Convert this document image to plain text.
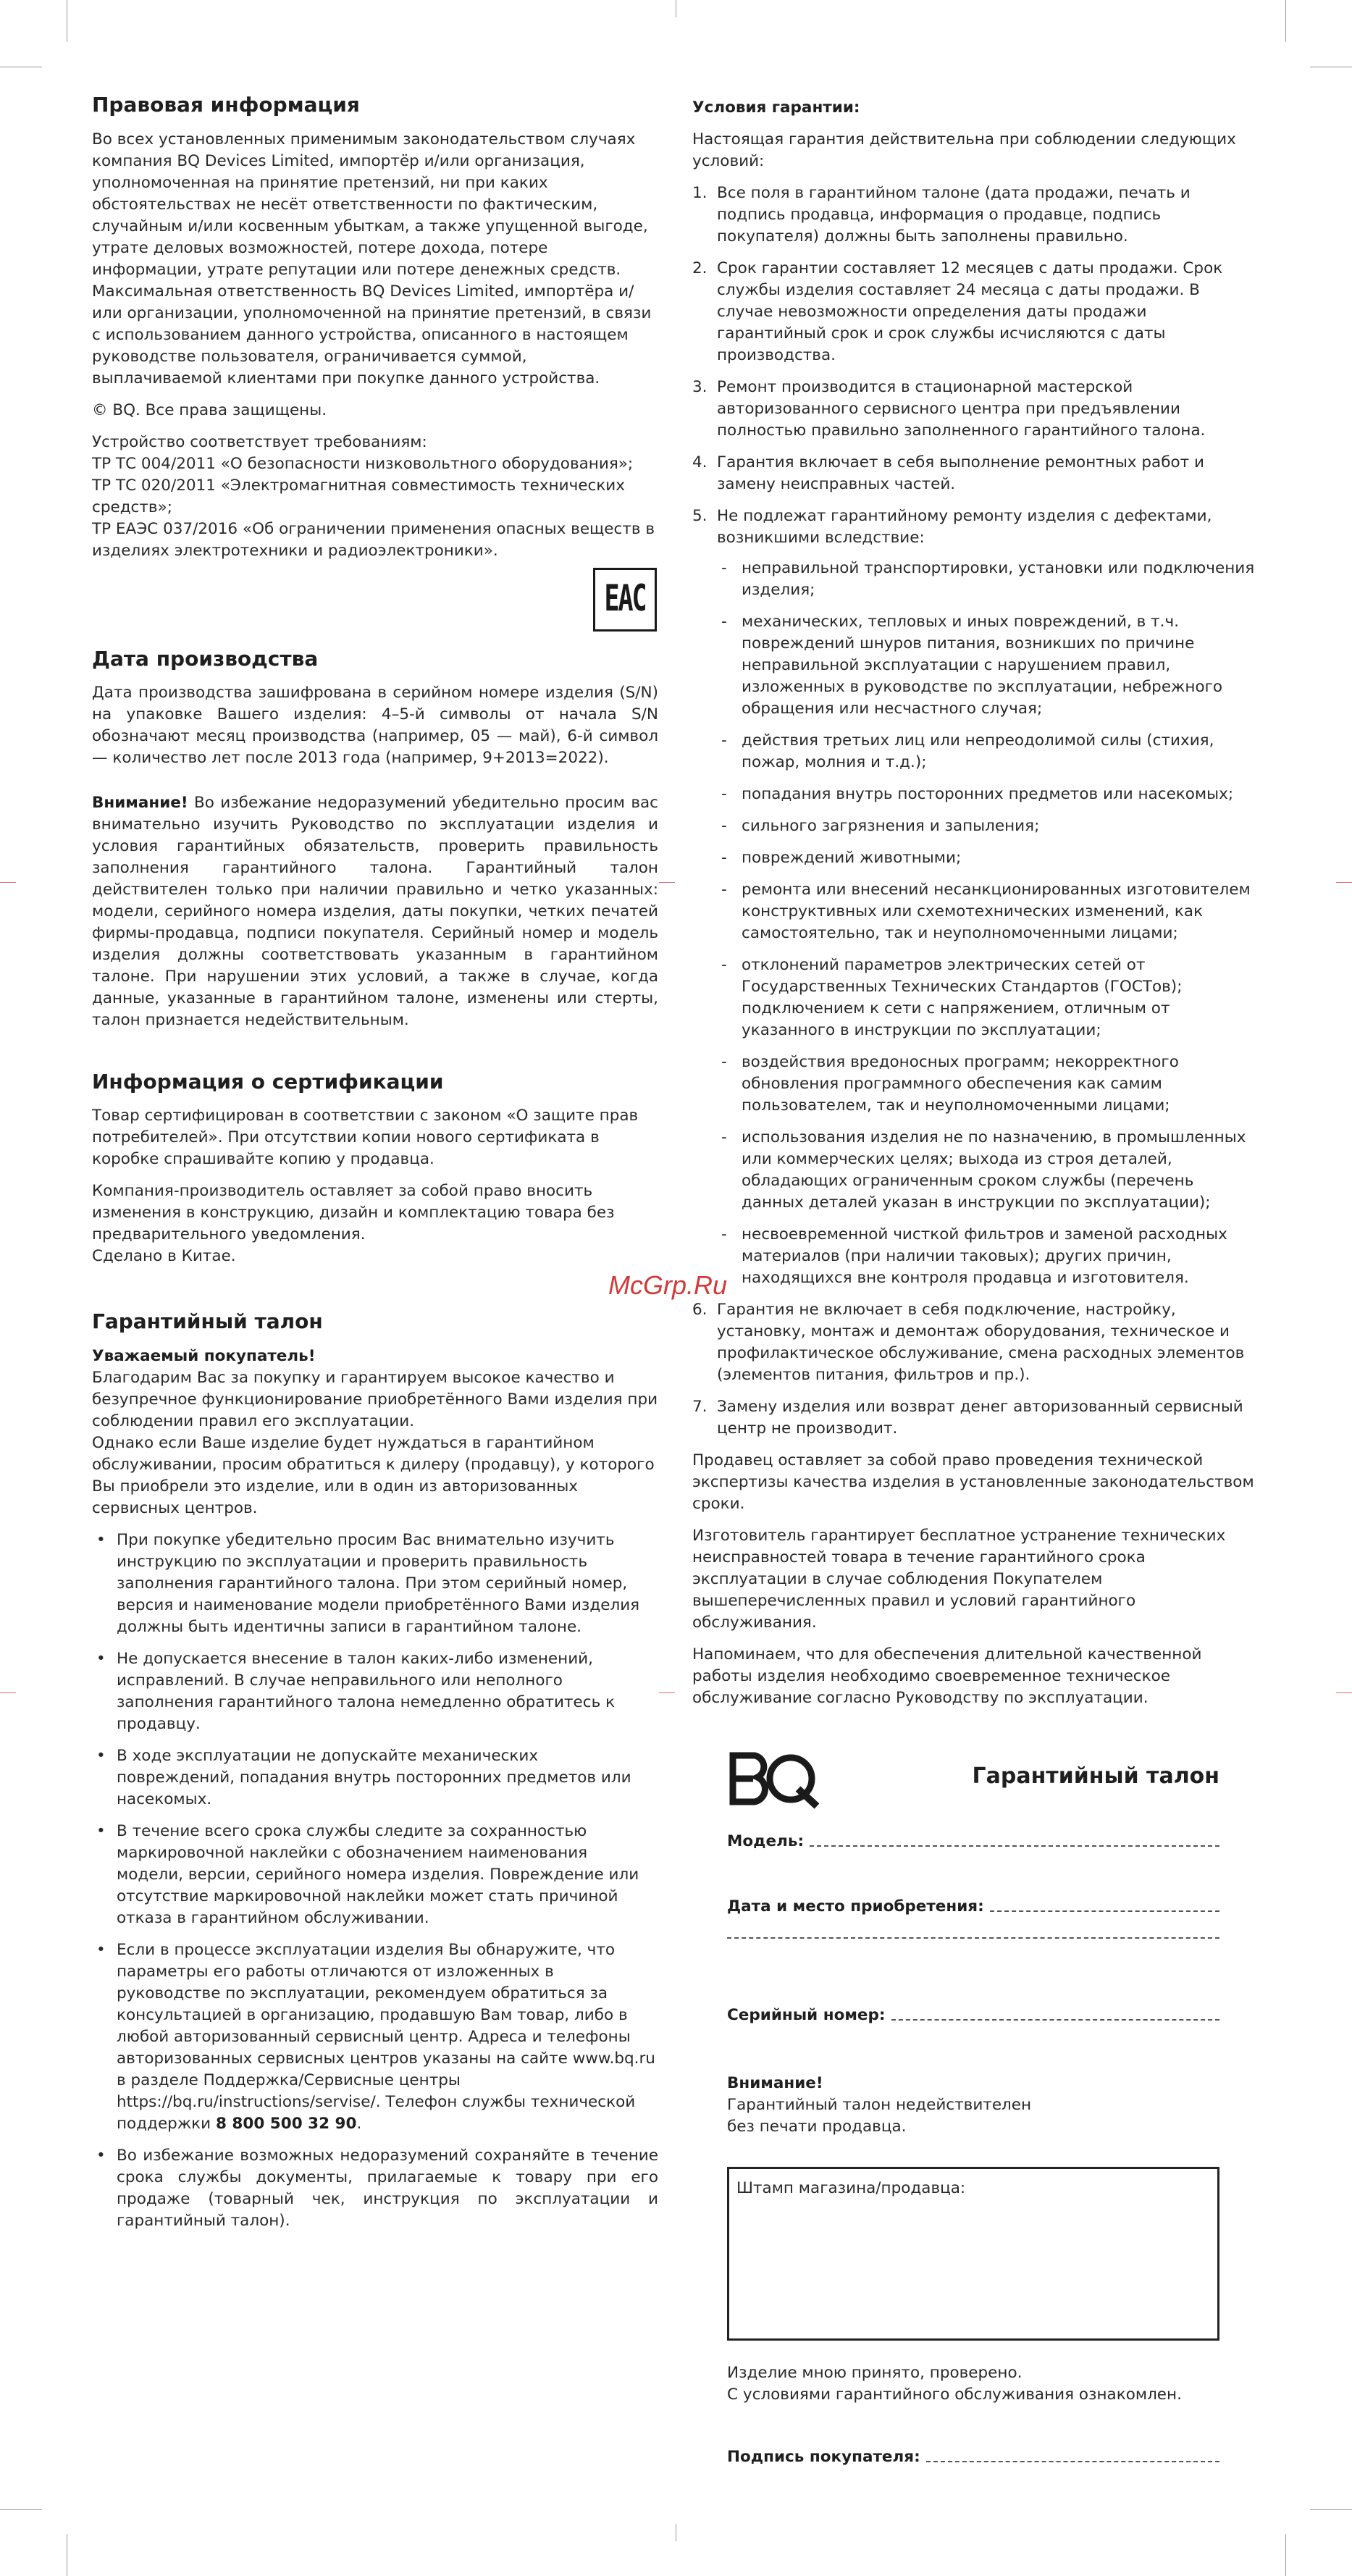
Правовая информация

Во всех установленных применимым законодательством случаях компания BQ Devices Limited, импортёр и/или организация, уполномоченная на принятие претензий, ни при каких обстоятельствах не несёт ответственности по фактическим, случайным и/или косвенным убыткам, а также упущенной выгоде, утрате деловых возможностей, потере дохода, потере информации, утрате репутации или потере денежных средств. Максимальная ответственность BQ Devices Limited, импортёра и/или организации, уполномоченной на принятие претензий, в связи с использованием данного устройства, описанного в настоящем руководстве пользователя, ограничивается суммой, выплачиваемой клиентами при покупке данного устройства.

© BQ. Все права защищены.

Устройство соответствует требованиям:
ТР ТС 004/2011 «О безопасности низковольтного оборудования»;
ТР ТС 020/2011 «Электромагнитная совместимость технических средств»;
ТР ЕАЭС 037/2016 «Об ограничении применения опасных веществ в изделиях электротехники и радиоэлектроники».
EAC
Дата производства

Дата производства зашифрована в серийном номере изделия (S/N) на упаковке Вашего изделия: 4–5-й символы от начала S/N обозначают месяц производства (например, 05 — май), 6-й символ — количество лет после 2013 года (например, 9+2013=2022).

Внимание! Во избежание недоразумений убедительно просим вас внимательно изучить Руководство по эксплуатации изделия и условия гарантийных обязательств, проверить правильность заполнения гарантийного талона. Гарантийный талон действителен только при наличии правильно и четко указанных: модели, серийного номера изделия, даты покупки, четких печатей фирмы-продавца, подписи покупателя. Серийный номер и модель изделия должны соответствовать указанным в гарантийном талоне. При нарушении этих условий, а также в случае, когда данные, указанные в гарантийном талоне, изменены или стерты, талон признается недействительным.

Информация о сертификации

Товар сертифицирован в соответствии с законом «О защите прав потребителей». При отсутствии копии нового сертификата в коробке спрашивайте копию у продавца.

Компания-производитель оставляет за собой право вносить изменения в конструкцию, дизайн и комплектацию товара без предварительного уведомления.

Сделано в Китае.

Гарантийный талон
Уважаемый покупатель!
Благодарим Вас за покупку и гарантируем высокое качество и безупречное функционирование приобретённого Вами изделия при соблюдении правил его эксплуатации.

Однако если Ваше изделие будет нуждаться в гарантийном обслуживании, просим обратиться к дилеру (продавцу), у которого Вы приобрели это изделие, или в один из авторизованных сервисных центров.

• При покупке убедительно просим Вас внимательно изучить инструкцию по эксплуатации и проверить правильность заполнения гарантийного талона. При этом серийный номер, версия и наименование модели приобретённого Вами изделия должны быть идентичны записи в гарантийном талоне.
• Не допускается внесение в талон каких-либо изменений, исправлений. В случае неправильного или неполного заполнения гарантийного талона немедленно обратитесь к продавцу.
• В ходе эксплуатации не допускайте механических повреждений, попадания внутрь посторонних предметов или насекомых.
• В течение всего срока службы следите за сохранностью маркировочной наклейки с обозначением наименования модели, версии, серийного номера изделия. Повреждение или отсутствие маркировочной наклейки может стать причиной отказа в гарантийном обслуживании.
• Если в процессе эксплуатации изделия Вы обнаружите, что параметры его работы отличаются от изложенных в руководстве по эксплуатации, рекомендуем обратиться за консультацией в организацию, продавшую Вам товар, либо в любой авторизованный сервисный центр. Адреса и телефоны авторизованных сервисных центров указаны на сайте www.bq.ru в разделе Поддержка/Сервисные центры https://bq.ru/instructions/servise/. Телефон службы технической поддержки 8 800 500 32 90.
• Во избежание возможных недоразумений сохраняйте в течение срока службы документы, прилагаемые к товару при его продаже (товарный чек, инструкция по эксплуатации и гарантийный талон).

Условия гарантии:

Настоящая гарантия действительна при соблюдении следующих условий:

1. Все поля в гарантийном талоне (дата продажи, печать и подпись продавца, информация о продавце, подпись покупателя) должны быть заполнены правильно.
2. Срок гарантии составляет 12 месяцев с даты продажи. Срок службы изделия составляет 24 месяца с даты продажи. В случае невозможности определения даты продажи гарантийный срок и срок службы исчисляются с даты производства.
3. Ремонт производится в стационарной мастерской авторизованного сервисного центра при предъявлении полностью правильно заполненного гарантийного талона.
4. Гарантия включает в себя выполнение ремонтных работ и замену неисправных частей.
5. Не подлежат гарантийному ремонту изделия с дефектами, возникшими вследствие:
- неправильной транспортировки, установки или подключения изделия;
- механических, тепловых и иных повреждений, в т.ч. повреждений шнуров питания, возникших по причине неправильной эксплуатации с нарушением правил, изложенных в руководстве по эксплуатации, небрежного обращения или несчастного случая;
- действия третьих лиц или непреодолимой силы (стихия, пожар, молния и т.д.);
- попадания внутрь посторонних предметов или насекомых;
- сильного загрязнения и запыления;
- повреждений животными;
- ремонта или внесений несанкционированных изготовителем конструктивных или схемотехнических изменений, как самостоятельно, так и неуполномоченными лицами;
- отклонений параметров электрических сетей от Государственных Технических Стандартов (ГОСТов); подключением к сети с напряжением, отличным от указанного в инструкции по эксплуатации;
- воздействия вредоносных программ; некорректного обновления программного обеспечения как самим пользователем, так и неуполномоченными лицами;
- использования изделия не по назначению, в промышленных или коммерческих целях; выхода из строя деталей, обладающих ограниченным сроком службы (перечень данных деталей указан в инструкции по эксплуатации);
- несвоевременной чисткой фильтров и заменой расходных материалов (при наличии таковых); других причин, находящихся вне контроля продавца и изготовителя.
6. Гарантия не включает в себя подключение, настройку, установку, монтаж и демонтаж оборудования, техническое и профилактическое обслуживание, смена расходных элементов (элементов питания, фильтров и пр.).
7. Замену изделия или возврат денег авторизованный сервисный центр не производит.

Продавец оставляет за собой право проведения технической экспертизы качества изделия в установленные законодательством сроки.

Изготовитель гарантирует бесплатное устранение технических неисправностей товара в течение гарантийного срока эксплуатации в случае соблюдения Покупателем вышеперечисленных правил и условий гарантийного обслуживания.

Напоминаем, что для обеспечения длительной качественной работы изделия необходимо своевременное техническое обслуживание согласно Руководству по эксплуатации.

McGrp.Ru
Гарантийный талон
Модель:
Дата и место приобретения:
Серийный номер:
Внимание!
Гарантийный талон недействителен
без печати продавца.
Штамп магазина/продавца:
Изделие мною принято, проверено.
С условиями гарантийного обслуживания ознакомлен.
Подпись покупателя:
